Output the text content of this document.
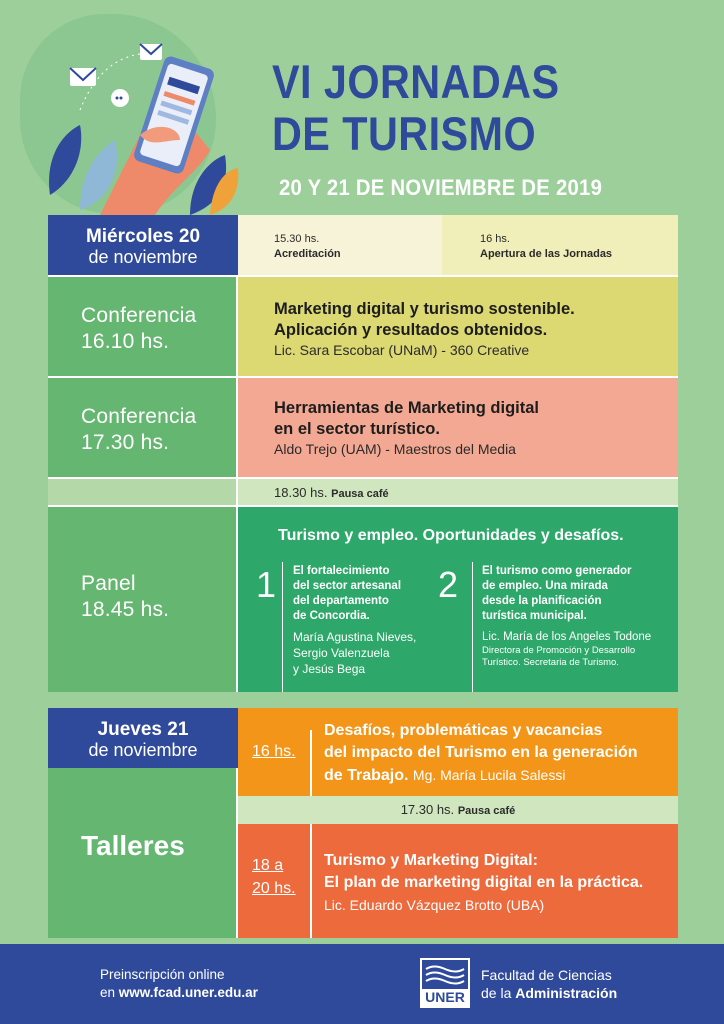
VI JORNADAS
DE TURISMO
20 Y 21 DE NOVIEMBRE DE 2019
Miércoles 20
de noviembre
15.30 hs.
Acreditación
16 hs.
Apertura de las Jornadas
Conferencia
16.10 hs.
Marketing digital y turismo sostenible.
Aplicación y resultados obtenidos.
Lic. Sara Escobar (UNaM) - 360 Creative
Conferencia
17.30 hs.
Herramientas de Marketing digital
en el sector turístico.
Aldo Trejo (UAM) - Maestros del Media
18.30 hs. Pausa café
Panel
18.45 hs.
Turismo y empleo. Oportunidades y desafíos.
1 El fortalecimiento
del sector artesanal
del departamento
de Concordia.
María Agustina Nieves,
Sergio Valenzuela
y Jesús Bega
2 El turismo como generador
de empleo. Una mirada
desde la planificación
turística municipal.
Lic. María de los Angeles Todone
Directora de Promoción y Desarrollo
Turístico. Secretaria de Turismo.
Jueves 21
de noviembre
Talleres
16 hs.
Desafíos, problemáticas y vacancias
del impacto del Turismo en la generación
de Trabajo. Mg. María Lucila Salessi
17.30 hs. Pausa café
18 a
20 hs.
Turismo y Marketing Digital:
El plan de marketing digital en la práctica.
Lic. Eduardo Vázquez Brotto (UBA)
Preinscripción online
en www.fcad.uner.edu.ar	UNER
Facultad de Ciencias
de la Administración
